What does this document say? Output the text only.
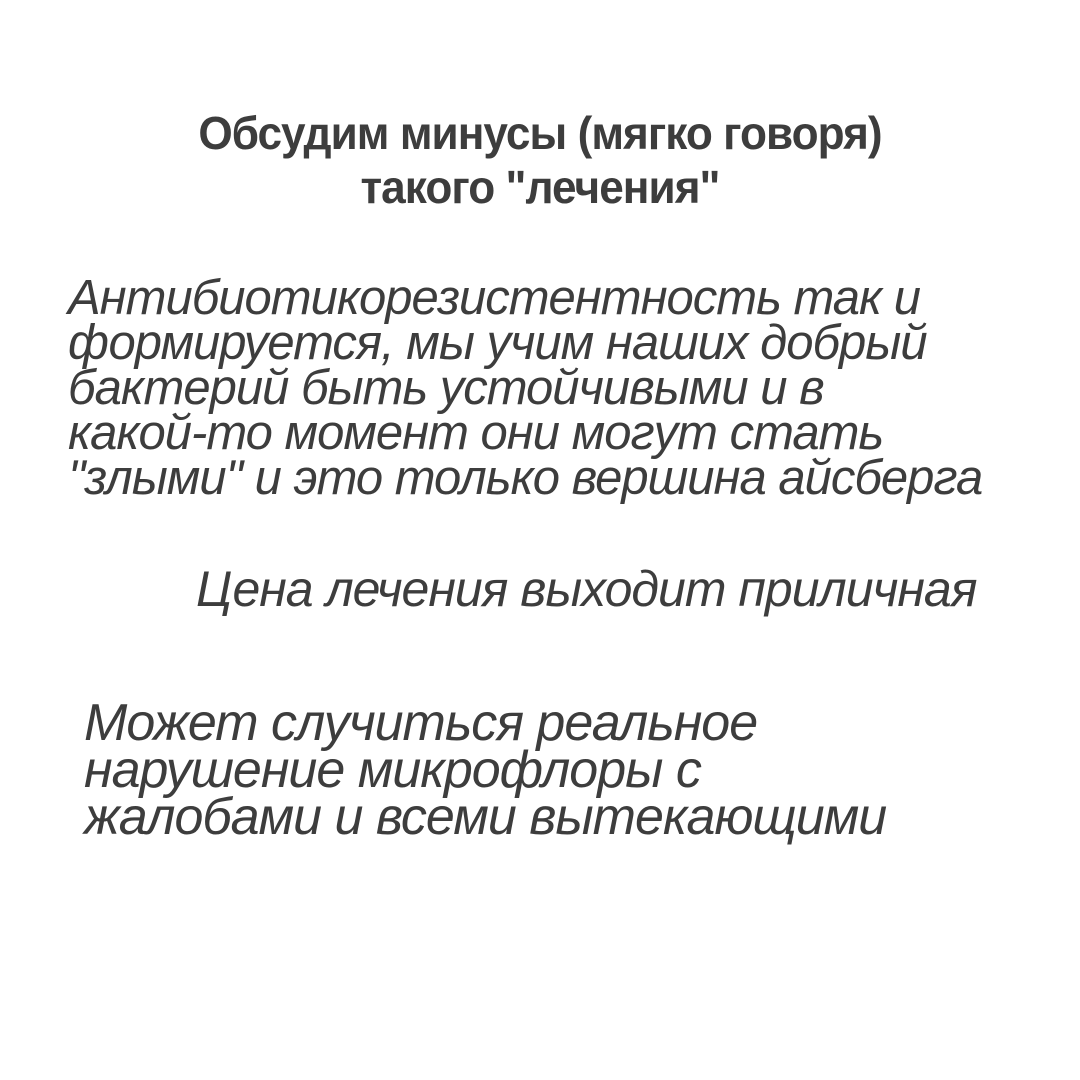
Обсудим минусы (мягко говоря)
такого "лечения"
Антибиотикорезистентность так и
формируется, мы учим наших добрый
бактерий быть устойчивыми и в
какой-то момент они могут стать
"злыми" и это только вершина айсберга
Цена лечения выходит приличная
Может случиться реальное
нарушение микрофлоры с
жалобами и всеми вытекающими
